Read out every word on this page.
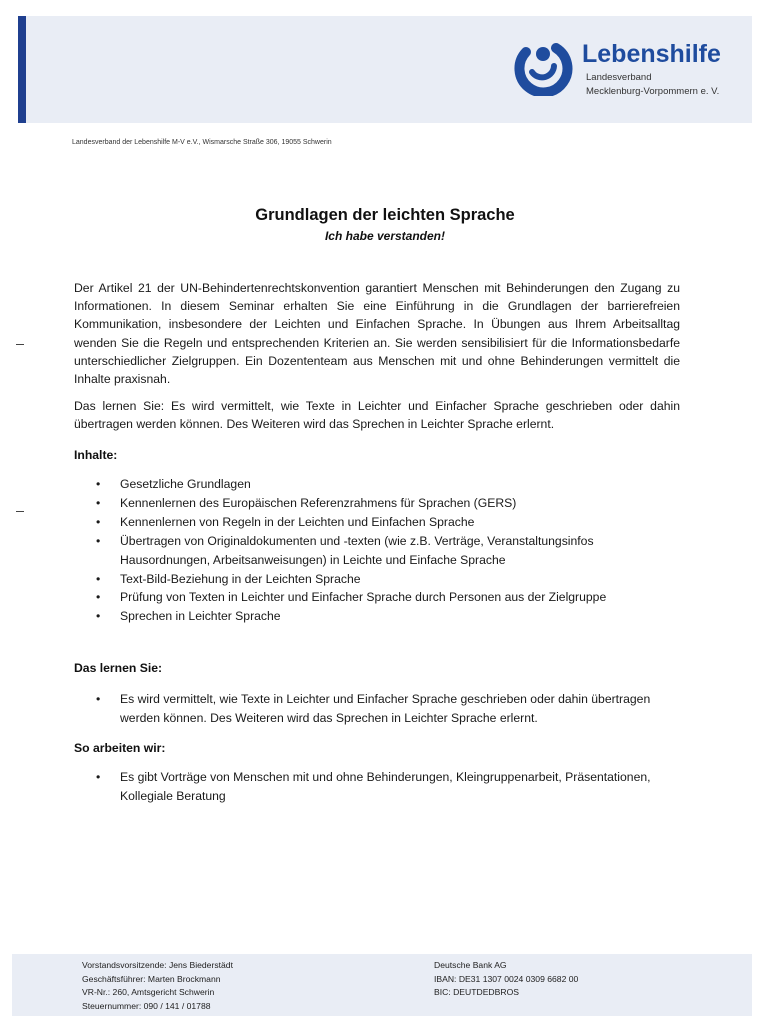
Lebenshilfe
Landesverband
Mecklenburg-Vorpommern e. V.
Landesverband der Lebenshilfe M-V e.V., Wismarsche Straße 306, 19055 Schwerin
Grundlagen der leichten Sprache
Ich habe verstanden!

Der Artikel 21 der UN-Behindertenrechtskonvention garantiert Menschen mit Behinderungen den Zugang zu Informationen. In diesem Seminar erhalten Sie eine Einführung in die Grundlagen der barrierefreien Kommunikation, insbesondere der Leichten und Einfachen Sprache. In Übungen aus Ihrem Arbeitsalltag wenden Sie die Regeln und entsprechenden Kriterien an. Sie werden sensibilisiert für die Informationsbedarfe unterschiedlicher Zielgruppen. Ein Dozententeam aus Menschen mit und ohne Behinderungen vermittelt die Inhalte praxisnah.

Das lernen Sie: Es wird vermittelt, wie Texte in Leichter und Einfacher Sprache geschrieben oder dahin übertragen werden können. Des Weiteren wird das Sprechen in Leichter Sprache erlernt.

Inhalte:
• Gesetzliche Grundlagen
• Kennenlernen des Europäischen Referenzrahmens für Sprachen (GERS)
• Kennenlernen von Regeln in der Leichten und Einfachen Sprache
• Übertragen von Originaldokumenten und -texten (wie z.B. Verträge, Veranstaltungsinfos Hausordnungen, Arbeitsanweisungen) in Leichte und Einfache Sprache
• Text-Bild-Beziehung in der Leichten Sprache
• Prüfung von Texten in Leichter und Einfacher Sprache durch Personen aus der Zielgruppe
• Sprechen in Leichter Sprache
Das lernen Sie:
• Es wird vermittelt, wie Texte in Leichter und Einfacher Sprache geschrieben oder dahin übertragen werden können. Des Weiteren wird das Sprechen in Leichter Sprache erlernt.
So arbeiten wir:
• Es gibt Vorträge von Menschen mit und ohne Behinderungen, Kleingruppenarbeit, Präsentationen, Kollegiale Beratung
Vorstandsvorsitzende: Jens Biederstädt
Geschäftsführer: Marten Brockmann
VR-Nr.: 260, Amtsgericht Schwerin
Steuernummer: 090 / 141 / 01788
Deutsche Bank AG
IBAN: DE31 1307 0024 0309 6682 00
BIC: DEUTDEDBROS
